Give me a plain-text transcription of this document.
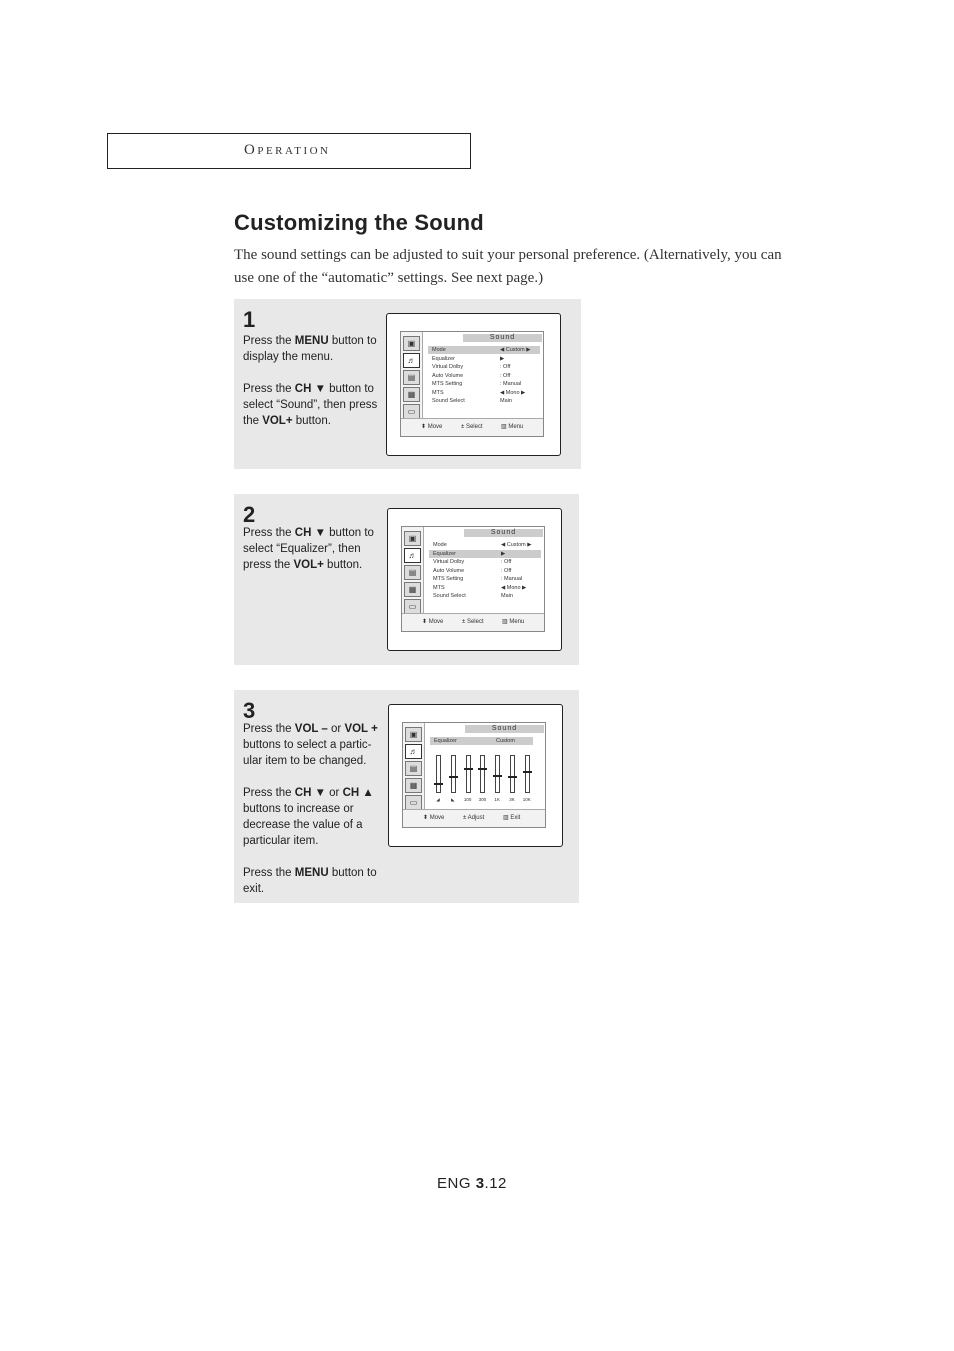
Operation
Customizing the Sound
The sound settings can be adjusted to suit your personal preference. (Alternatively, you can use one of the “automatic” settings. See next page.)
1

Press the MENU button to display the menu.

Press the CH ▼ button to select “Sound”, then press the VOL+ button.

▣
♬
▤
▦
▭
Sound
Mode	◀ Custom ▶
Equalizer	▶
Virtual Dolby	: Off
Auto Volume	: Off
MTS Setting	: Manual
MTS	◀ Mono ▶
Sound Select	Main
⬍ Move	± Select	▥ Menu
2

Press the CH ▼ button to select “Equalizer”, then press the VOL+ button.

▣
♬
▤
▦
▭
Sound
Mode	◀ Custom ▶
Equalizer	▶
Virtual Dolby	: Off
Auto Volume	: Off
MTS Setting	: Manual
MTS	◀ Mono ▶
Sound Select	Main
⬍ Move	± Select	▥ Menu
3

Press the VOL – or VOL + buttons to select a partic-ular item to be changed.

Press the CH ▼ or CH ▲ buttons to increase or decrease the value of a particular item.

Press the MENU button to exit.

▣
♬
▤
▦
▭
Sound
Equalizer	Custom
◢	◣	100	300	1K	3K	10K
⬍ Move	± Adjust	▥ Exit
ENG 3.12
